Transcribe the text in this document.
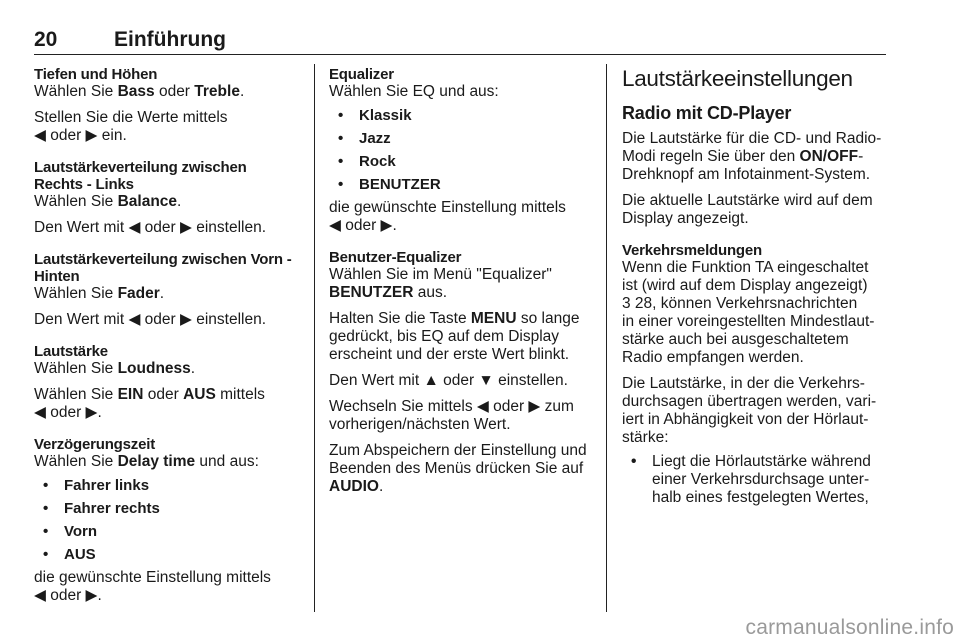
20	Einführung
Tiefen und Höhen
Wählen Sie Bass oder Treble.
Stellen Sie die Werte mittels
◀ oder ▶ ein.
Lautstärkeverteilung zwischen
Rechts - Links
Wählen Sie Balance.
Den Wert mit ◀ oder ▶ einstellen.
Lautstärkeverteilung zwischen Vorn -
Hinten
Wählen Sie Fader.
Den Wert mit ◀ oder ▶ einstellen.
Lautstärke
Wählen Sie Loudness.
Wählen Sie EIN oder AUS mittels
◀ oder ▶.
Verzögerungszeit
Wählen Sie Delay time und aus:
• Fahrer links
• Fahrer rechts
• Vorn
• AUS
die gewünschte Einstellung mittels
◀ oder ▶.
Equalizer
Wählen Sie EQ und aus:
• Klassik
• Jazz
• Rock
• BENUTZER
die gewünschte Einstellung mittels
◀ oder ▶.
Benutzer-Equalizer
Wählen Sie im Menü "Equalizer"
BENUTZER aus.
Halten Sie die Taste MENU so lange
gedrückt, bis EQ auf dem Display
erscheint und der erste Wert blinkt.
Den Wert mit ▲ oder ▼ einstellen.
Wechseln Sie mittels ◀ oder ▶ zum
vorherigen/nächsten Wert.
Zum Abspeichern der Einstellung und
Beenden des Menüs drücken Sie auf
AUDIO.
Lautstärkeeinstellungen
Radio mit CD-Player
Die Lautstärke für die CD- und Radio-
Modi regeln Sie über den ON/OFF-
Drehknopf am Infotainment-System.
Die aktuelle Lautstärke wird auf dem
Display angezeigt.
Verkehrsmeldungen
Wenn die Funktion TA eingeschaltet
ist (wird auf dem Display angezeigt)
3 28, können Verkehrsnachrichten
in einer voreingestellten Mindestlaut-
stärke auch bei ausgeschaltetem
Radio empfangen werden.
Die Lautstärke, in der die Verkehrs-
durchsagen übertragen werden, vari-
iert in Abhängigkeit von der Hörlaut-
stärke:
• Liegt die Hörlautstärke während
einer Verkehrsdurchsage unter-
halb eines festgelegten Wertes,
carmanualsonline.info
